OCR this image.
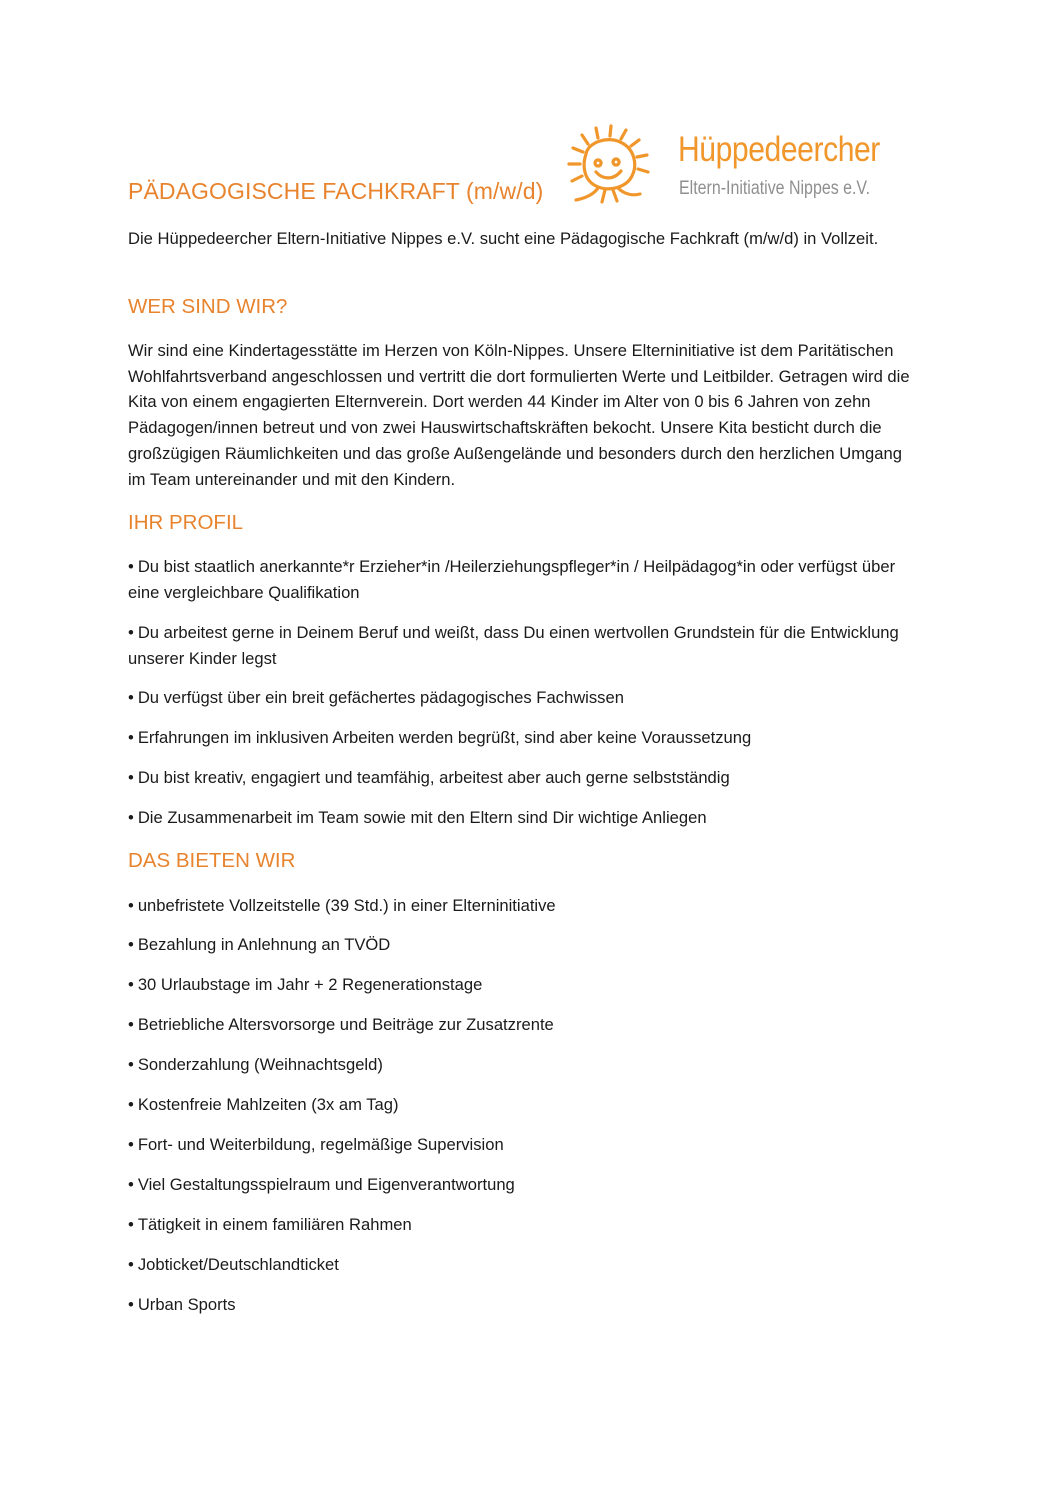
Hüppedeercher
Eltern-Initiative Nippes e.V.
PÄDAGOGISCHE FACHKRAFT (m/w/d)
Die Hüppedeercher Eltern-Initiative Nippes e.V. sucht eine Pädagogische Fachkraft (m/w/d) in Vollzeit.
WER SIND WIR?
Wir sind eine Kindertagesstätte im Herzen von Köln-Nippes. Unsere Elterninitiative ist dem Paritätischen Wohlfahrtsverband angeschlossen und vertritt die dort formulierten Werte und Leitbilder. Getragen wird die Kita von einem engagierten Elternverein. Dort werden 44 Kinder im Alter von 0 bis 6 Jahren von zehn Pädagogen/innen betreut und von zwei Hauswirtschaftskräften bekocht. Unsere Kita besticht durch die großzügigen Räumlichkeiten und das große Außengelände und besonders durch den herzlichen Umgang im Team untereinander und mit den Kindern.
IHR PROFIL
• Du bist staatlich anerkannte*r Erzieher*in /Heilerziehungspfleger*in / Heilpädagog*in oder verfügst über eine vergleichbare Qualifikation
• Du arbeitest gerne in Deinem Beruf und weißt, dass Du einen wertvollen Grundstein für die Entwicklung unserer Kinder legst
• Du verfügst über ein breit gefächertes pädagogisches Fachwissen
• Erfahrungen im inklusiven Arbeiten werden begrüßt, sind aber keine Voraussetzung
• Du bist kreativ, engagiert und teamfähig, arbeitest aber auch gerne selbstständig
• Die Zusammenarbeit im Team sowie mit den Eltern sind Dir wichtige Anliegen
DAS BIETEN WIR
• unbefristete Vollzeitstelle (39 Std.) in einer Elterninitiative
• Bezahlung in Anlehnung an TVÖD
• 30 Urlaubstage im Jahr + 2 Regenerationstage
• Betriebliche Altersvorsorge und Beiträge zur Zusatzrente
• Sonderzahlung (Weihnachtsgeld)
• Kostenfreie Mahlzeiten (3x am Tag)
• Fort- und Weiterbildung, regelmäßige Supervision
• Viel Gestaltungsspielraum und Eigenverantwortung
• Tätigkeit in einem familiären Rahmen
• Jobticket/Deutschlandticket
• Urban Sports
